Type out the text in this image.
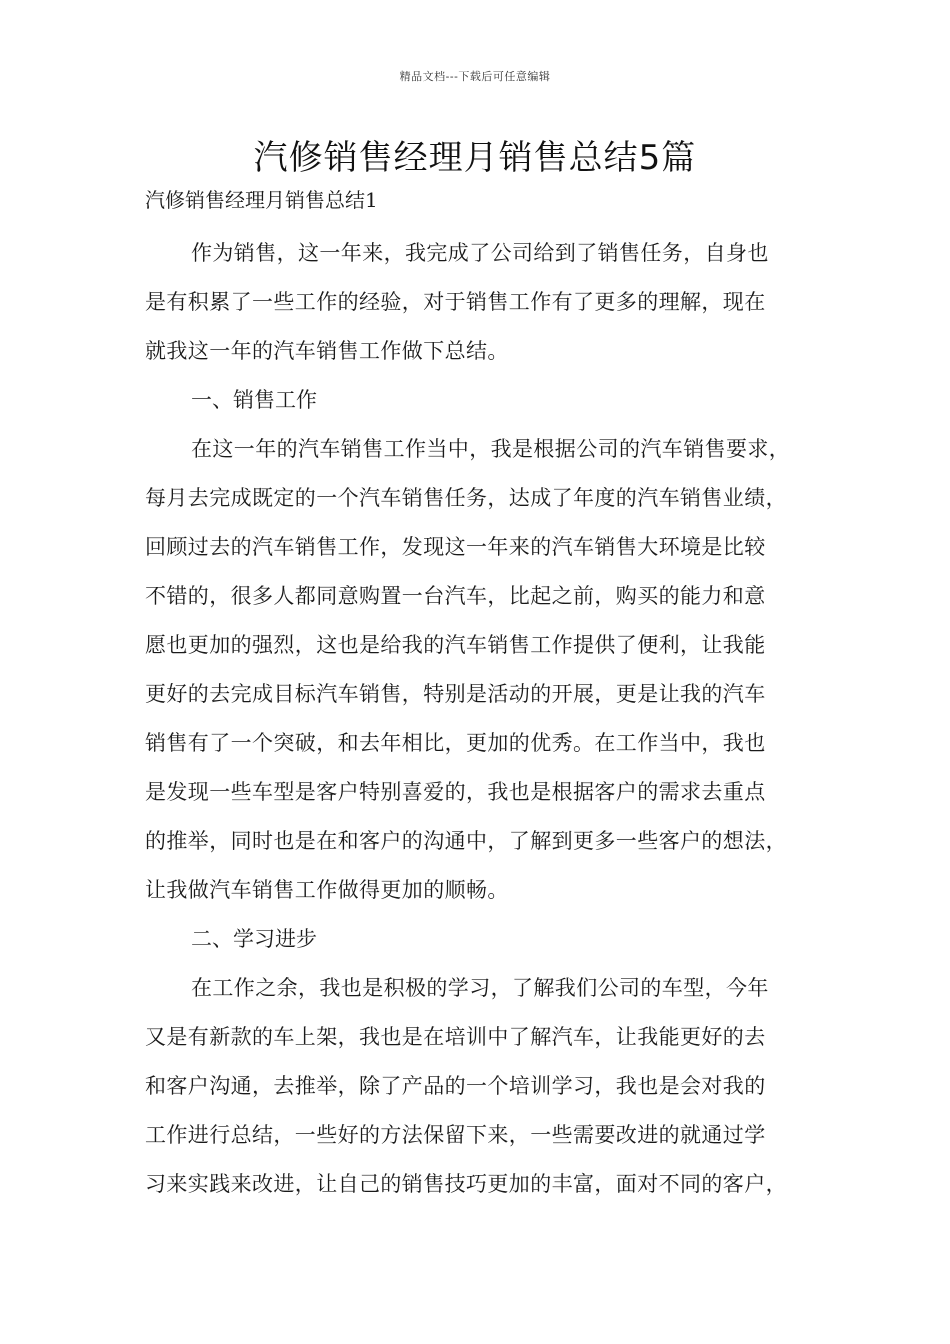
精品文档---下载后可任意编辑
汽修销售经理月销售总结5篇
汽修销售经理月销售总结1
作为销售，这一年来，我完成了公司给到了销售任务，自身也
是有积累了一些工作的经验，对于销售工作有了更多的理解，现在
就我这一年的汽车销售工作做下总结。
一、销售工作
在这一年的汽车销售工作当中，我是根据公司的汽车销售要求，
每月去完成既定的一个汽车销售任务，达成了年度的汽车销售业绩，
回顾过去的汽车销售工作，发现这一年来的汽车销售大环境是比较
不错的，很多人都同意购置一台汽车，比起之前，购买的能力和意
愿也更加的强烈，这也是给我的汽车销售工作提供了便利，让我能
更好的去完成目标汽车销售，特别是活动的开展，更是让我的汽车
销售有了一个突破，和去年相比，更加的优秀。在工作当中，我也
是发现一些车型是客户特别喜爱的，我也是根据客户的需求去重点
的推举，同时也是在和客户的沟通中，了解到更多一些客户的想法，
让我做汽车销售工作做得更加的顺畅。
二、学习进步
在工作之余，我也是积极的学习，了解我们公司的车型，今年
又是有新款的车上架，我也是在培训中了解汽车，让我能更好的去
和客户沟通，去推举，除了产品的一个培训学习，我也是会对我的
工作进行总结，一些好的方法保留下来，一些需要改进的就通过学
习来实践来改进，让自己的销售技巧更加的丰富，面对不同的客户，
